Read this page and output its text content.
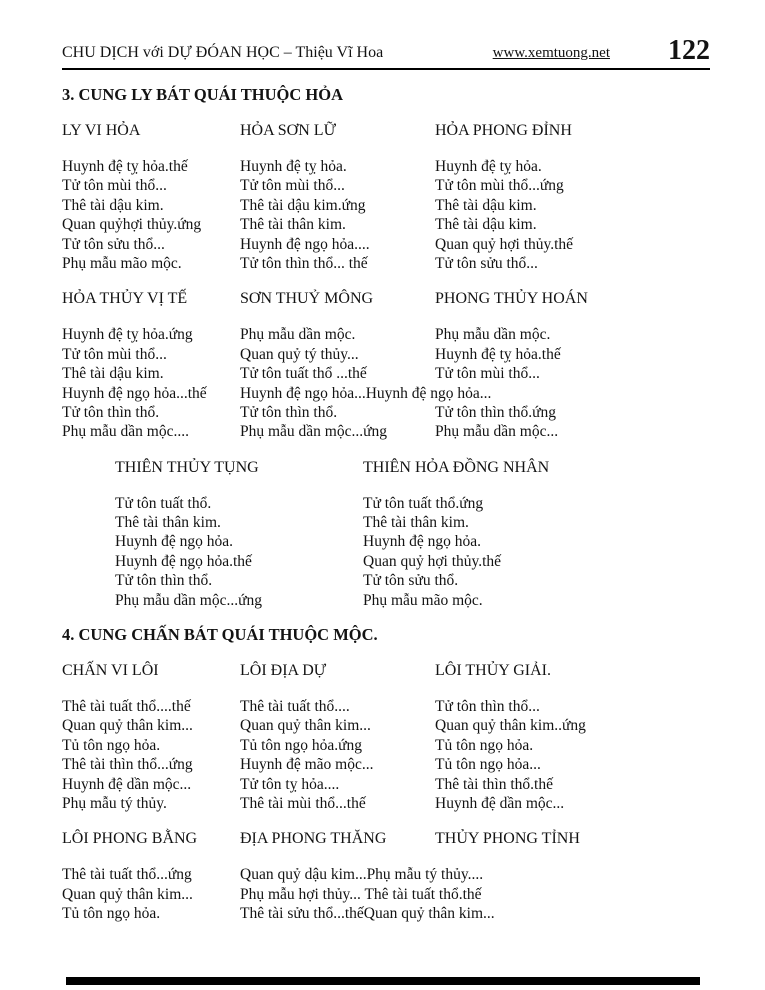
CHU DỊCH với DỰ ĐÓAN HỌC – Thiệu Vĩ Hoa	www.xemtuong.net 122
3. CUNG LY BÁT QUÁI THUỘC HỎA
LY VI HỎA
Huynh đệ tỵ hỏa.thế
Tử tôn mùi thổ...
Thê tài dậu kim.
Quan quỷhợi thủy.ứng
Tử tôn sửu thổ...
Phụ mẫu mão mộc.
HỎA SƠN LỮ
Huynh đệ tỵ hỏa.
Tử tôn mùi thổ...
Thê tài dậu kim.ứng
Thê tài thân kim.
Huynh đệ ngọ hỏa....
Tử tôn thìn thổ... thế
HỎA PHONG ĐỈNH
Huynh đệ tỵ hỏa.
Tử tôn mùi thổ...ứng
Thê tài dậu kim.
Thê tài dậu kim.
Quan quỷ hợi thủy.thế
Tử tôn sửu thổ...
HỎA THỦY VỊ TẾ
Huynh đệ tỵ hỏa.ứng
Tử tôn mùi thổ...
Thê tài dậu kim.
Huynh đệ ngọ hỏa...thế
Tử tôn thìn thổ.
Phụ mẫu dần mộc....
SƠN THUỶ MÔNG
Phụ mẫu dần mộc.
Quan quỷ tý thủy...
Tử tôn tuất thổ ...thế
Huynh đệ ngọ hỏa...Huynh đệ ngọ hỏa...
Tử tôn thìn thổ.
Phụ mẫu dần mộc...ứng
PHONG THỦY HOÁN
Phụ mẫu dần mộc.
Huynh đệ tỵ hỏa.thế
Tử tôn mùi thổ...

Tử tôn thìn thổ.ứng
Phụ mẫu dần mộc...
THIÊN THỦY TỤNG
Tử tôn tuất thổ.
Thê tài thân kim.
Huynh đệ ngọ hỏa.
Huynh đệ ngọ hỏa.thế
Tử tôn thìn thổ.
Phụ mẫu dần mộc...ứng
THIÊN HỎA ĐỒNG NHÂN
Tử tôn tuất thổ.ứng
Thê tài thân kim.
Huynh đệ ngọ hỏa.
Quan quỷ hợi thủy.thế
Tử tôn sửu thổ.
Phụ mẫu mão mộc.
4. CUNG CHẤN BÁT QUÁI THUỘC MỘC.
CHẤN VI LÔI
Thê tài tuất thổ....thế
Quan quỷ thân kim...
Tủ tôn ngọ hỏa.
Thê tài thìn thổ...ứng
Huynh đệ dần mộc...
Phụ mẫu tý thủy.
LÔI ĐỊA DỰ
Thê tài tuất thổ....
Quan quỷ thân kim...
Tủ tôn ngọ hỏa.ứng
Huynh đệ mão mộc...
Tử tôn tỵ hỏa....
Thê tài mùi thổ...thế
LÔI THỦY GIẢI.
Tử tôn thìn thổ...
Quan quỷ thân kim..ứng
Tủ tôn ngọ hỏa.
Tủ tôn ngọ hỏa...
Thê tài thìn thổ.thế
Huynh đệ dần mộc...
LÔI PHONG BẰNG
Thê tài tuất thổ...ứng
Quan quỷ thân kim...
Tủ tôn ngọ hỏa.
ĐỊA PHONG THĂNG
Quan quỷ dậu kim...Phụ mẫu tý thủy....
Phụ mẫu hợi thủy... Thê tài tuất thổ.thế
Thê tài sửu thổ...thếQuan quỷ thân kim...
THỦY PHONG TỈNH
